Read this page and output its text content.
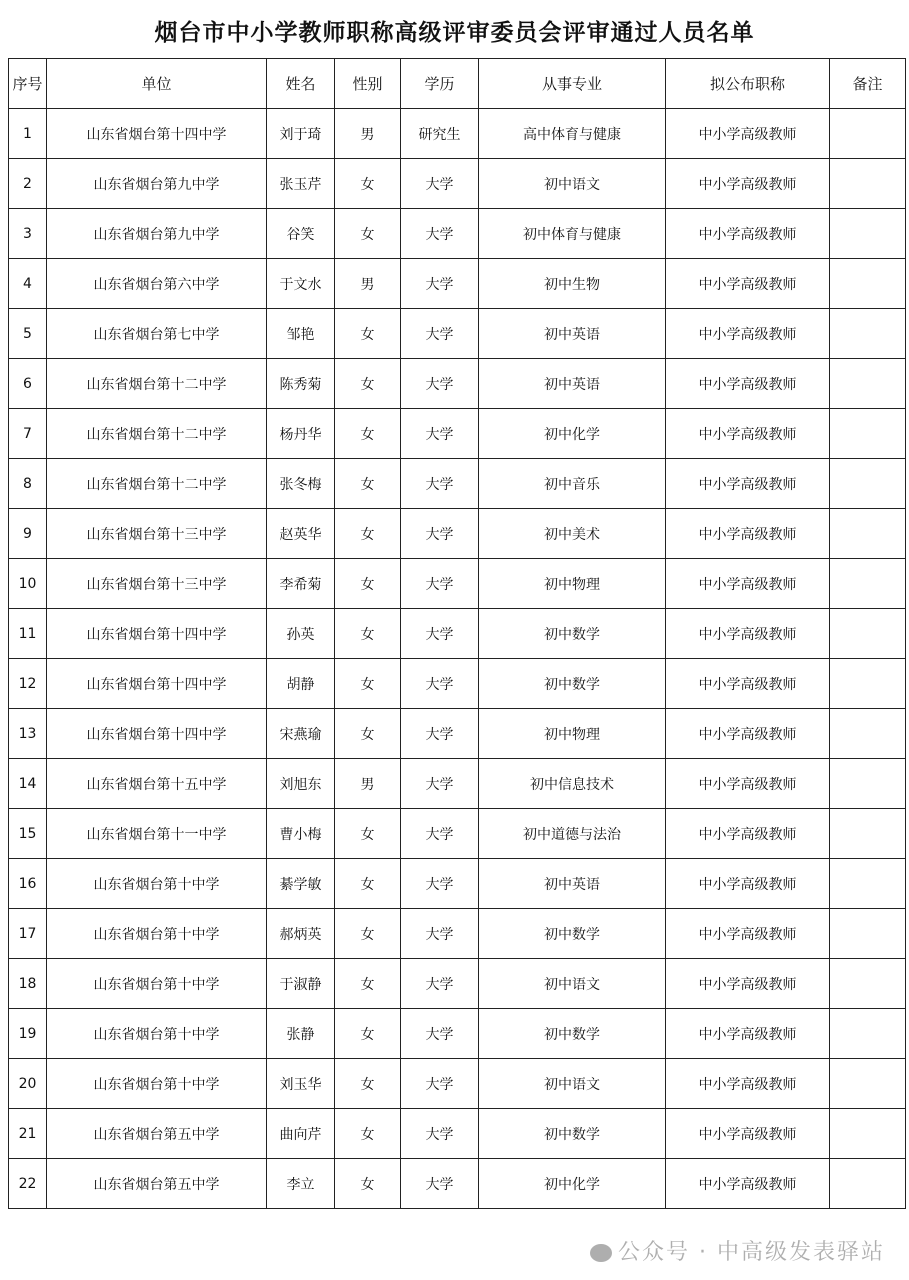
烟台市中小学教师职称高级评审委员会评审通过人员名单
序号	单位	姓名	性别	学历	从事专业	拟公布职称	备注
1	山东省烟台第十四中学	刘于琦	男	研究生	高中体育与健康	中小学高级教师	
2	山东省烟台第九中学	张玉芹	女	大学	初中语文	中小学高级教师	
3	山东省烟台第九中学	谷笑	女	大学	初中体育与健康	中小学高级教师	
4	山东省烟台第六中学	于文水	男	大学	初中生物	中小学高级教师	
5	山东省烟台第七中学	邹艳	女	大学	初中英语	中小学高级教师	
6	山东省烟台第十二中学	陈秀菊	女	大学	初中英语	中小学高级教师	
7	山东省烟台第十二中学	杨丹华	女	大学	初中化学	中小学高级教师	
8	山东省烟台第十二中学	张冬梅	女	大学	初中音乐	中小学高级教师	
9	山东省烟台第十三中学	赵英华	女	大学	初中美术	中小学高级教师	
10	山东省烟台第十三中学	李希菊	女	大学	初中物理	中小学高级教师	
11	山东省烟台第十四中学	孙英	女	大学	初中数学	中小学高级教师	
12	山东省烟台第十四中学	胡静	女	大学	初中数学	中小学高级教师	
13	山东省烟台第十四中学	宋燕瑜	女	大学	初中物理	中小学高级教师	
14	山东省烟台第十五中学	刘旭东	男	大学	初中信息技术	中小学高级教师	
15	山东省烟台第十一中学	曹小梅	女	大学	初中道德与法治	中小学高级教师	
16	山东省烟台第十中学	綦学敏	女	大学	初中英语	中小学高级教师	
17	山东省烟台第十中学	郝炳英	女	大学	初中数学	中小学高级教师	
18	山东省烟台第十中学	于淑静	女	大学	初中语文	中小学高级教师	
19	山东省烟台第十中学	张静	女	大学	初中数学	中小学高级教师	
20	山东省烟台第十中学	刘玉华	女	大学	初中语文	中小学高级教师	
21	山东省烟台第五中学	曲向芹	女	大学	初中数学	中小学高级教师	
22	山东省烟台第五中学	李立	女	大学	初中化学	中小学高级教师	
公众号 · 中高级发表驿站
